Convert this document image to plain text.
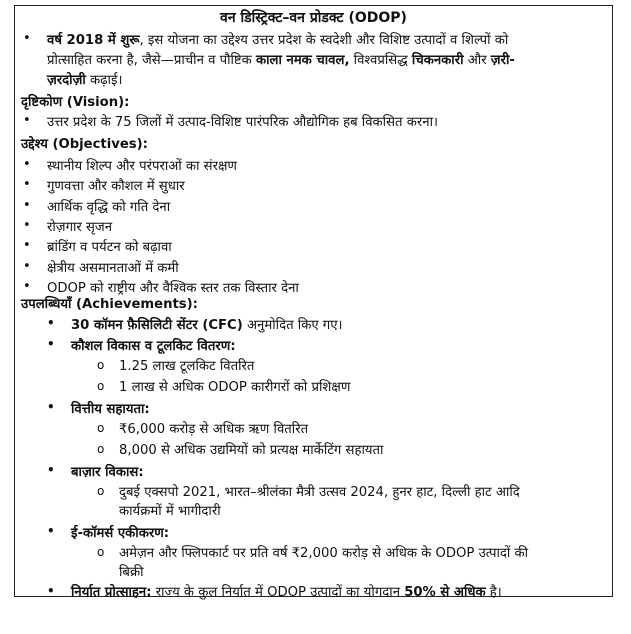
वन डिस्ट्रिक्ट–वन प्रोडक्ट (ODOP)
• वर्ष 2018 में शुरू, इस योजना का उद्देश्य उत्तर प्रदेश के स्वदेशी और विशिष्ट उत्पादों व शिल्पों को
प्रोत्साहित करना है, जैसे—प्राचीन व पौष्टिक काला नमक चावल, विश्वप्रसिद्ध चिकनकारी और ज़री-
ज़रदोज़ी कढ़ाई।
दृष्टिकोण (Vision):
• उत्तर प्रदेश के 75 जिलों में उत्पाद-विशिष्ट पारंपरिक औद्योगिक हब विकसित करना।
उद्देश्य (Objectives):
उपलब्धियाँ (Achievements):
• 30 कॉमन फ़ैसिलिटी सेंटर (CFC) अनुमोदित किए गए।
• कौशल विकास व टूलकिट वितरण:
o 1.25 लाख टूलकिट वितरित
o 1 लाख से अधिक ODOP कारीगरों को प्रशिक्षण
• वित्तीय सहायता:
o ₹6,000 करोड़ से अधिक ऋण वितरित
o 8,000 से अधिक उद्यमियों को प्रत्यक्ष मार्केटिंग सहायता
• बाज़ार विकास:
o दुबई एक्सपो 2021, भारत–श्रीलंका मैत्री उत्सव 2024, हुनर हाट, दिल्ली हाट आदि
कार्यक्रमों में भागीदारी
• ई-कॉमर्स एकीकरण:
o अमेज़न और फ्लिपकार्ट पर प्रति वर्ष ₹2,000 करोड़ से अधिक के ODOP उत्पादों की
बिक्री
• निर्यात प्रोत्साहन: राज्य के कुल निर्यात में ODOP उत्पादों का योगदान 50% से अधिक है।
• स्थानीय शिल्प और परंपराओं का संरक्षण
• गुणवत्ता और कौशल में सुधार
• आर्थिक वृद्धि को गति देना
• रोज़गार सृजन
• ब्रांडिंग व पर्यटन को बढ़ावा
• क्षेत्रीय असमानताओं में कमी
• ODOP को राष्ट्रीय और वैश्विक स्तर तक विस्तार देना
